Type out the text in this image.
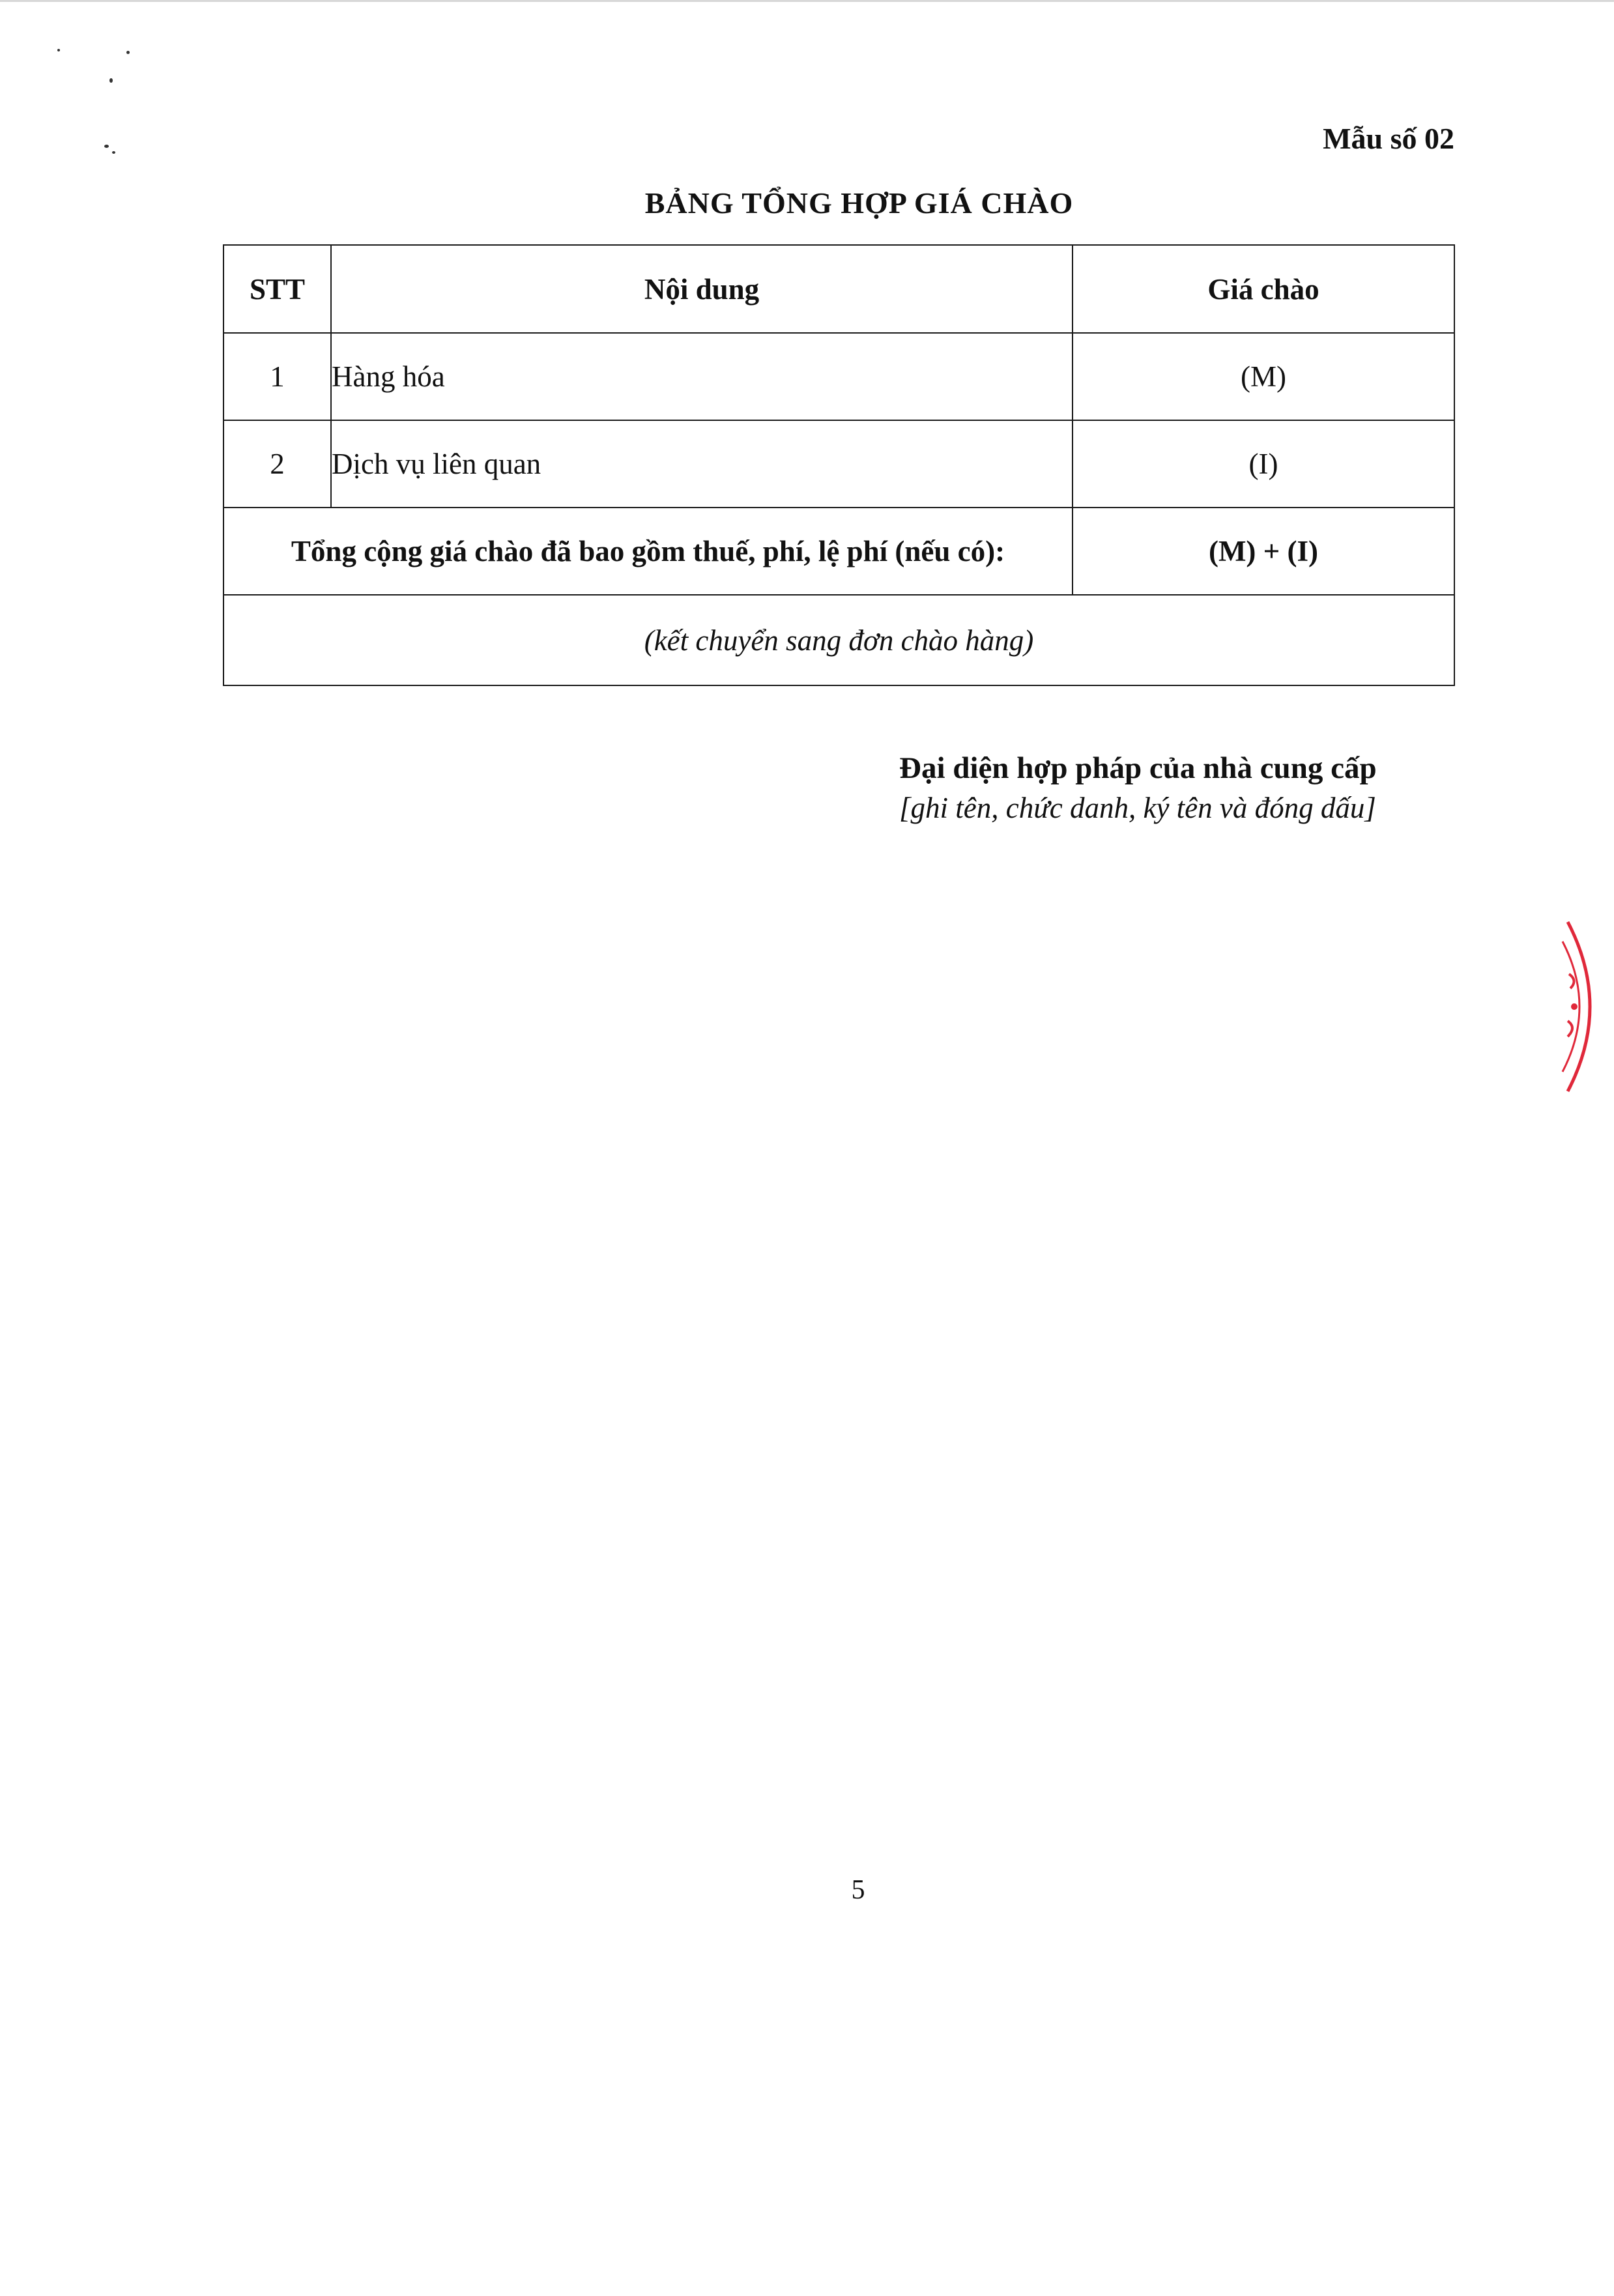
Mẫu số 02
BẢNG TỔNG HỢP GIÁ CHÀO
STT	Nội dung	Giá chào
1	Hàng hóa	(M)
2	Dịch vụ liên quan	(I)
Tổng cộng giá chào đã bao gồm thuế, phí, lệ phí (nếu có):		(M) + (I)
(kết chuyển sang đơn chào hàng)		
Đại diện hợp pháp của nhà cung cấp
[ghi tên, chức danh, ký tên và đóng dấu]
5
